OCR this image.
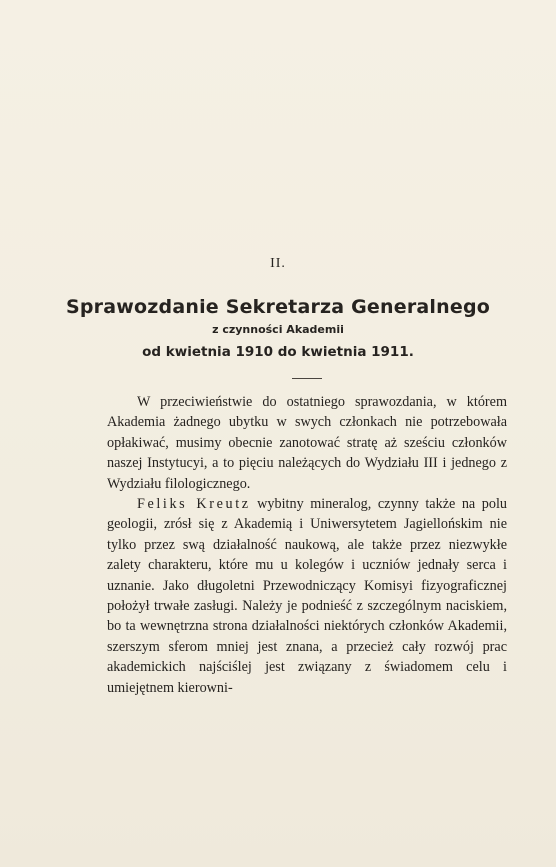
II.
Sprawozdanie Sekretarza Generalnego
z czynności Akademii
od kwietnia 1910 do kwietnia 1911.

W przeciwieństwie do ostatniego sprawozdania, w którem Akademia żadnego ubytku w swych członkach nie potrzebowała opłakiwać, musimy obecnie zanotować stratę aż sześciu członków naszej Instytucyi, a to pięciu należących do Wydziału III i jednego z Wydziału filologicznego.

Feliks Kreutz wybitny mineralog, czynny także na polu geologii, zrósł się z Akademią i Uniwersytetem Jagiellońskim nie tylko przez swą działalność naukową, ale także przez niezwykłe zalety charakteru, które mu u kolegów i uczniów jednały serca i uznanie. Jako długoletni Przewodniczący Komisyi fizyograficznej położył trwałe zasługi. Należy je podnieść z szczególnym naciskiem, bo ta wewnętrzna strona działalności niektórych członków Akademii, szerszym sferom mniej jest znana, a przecież cały rozwój prac akademickich najściślej jest związany z świadomem celu i umiejętnem kierowni-
